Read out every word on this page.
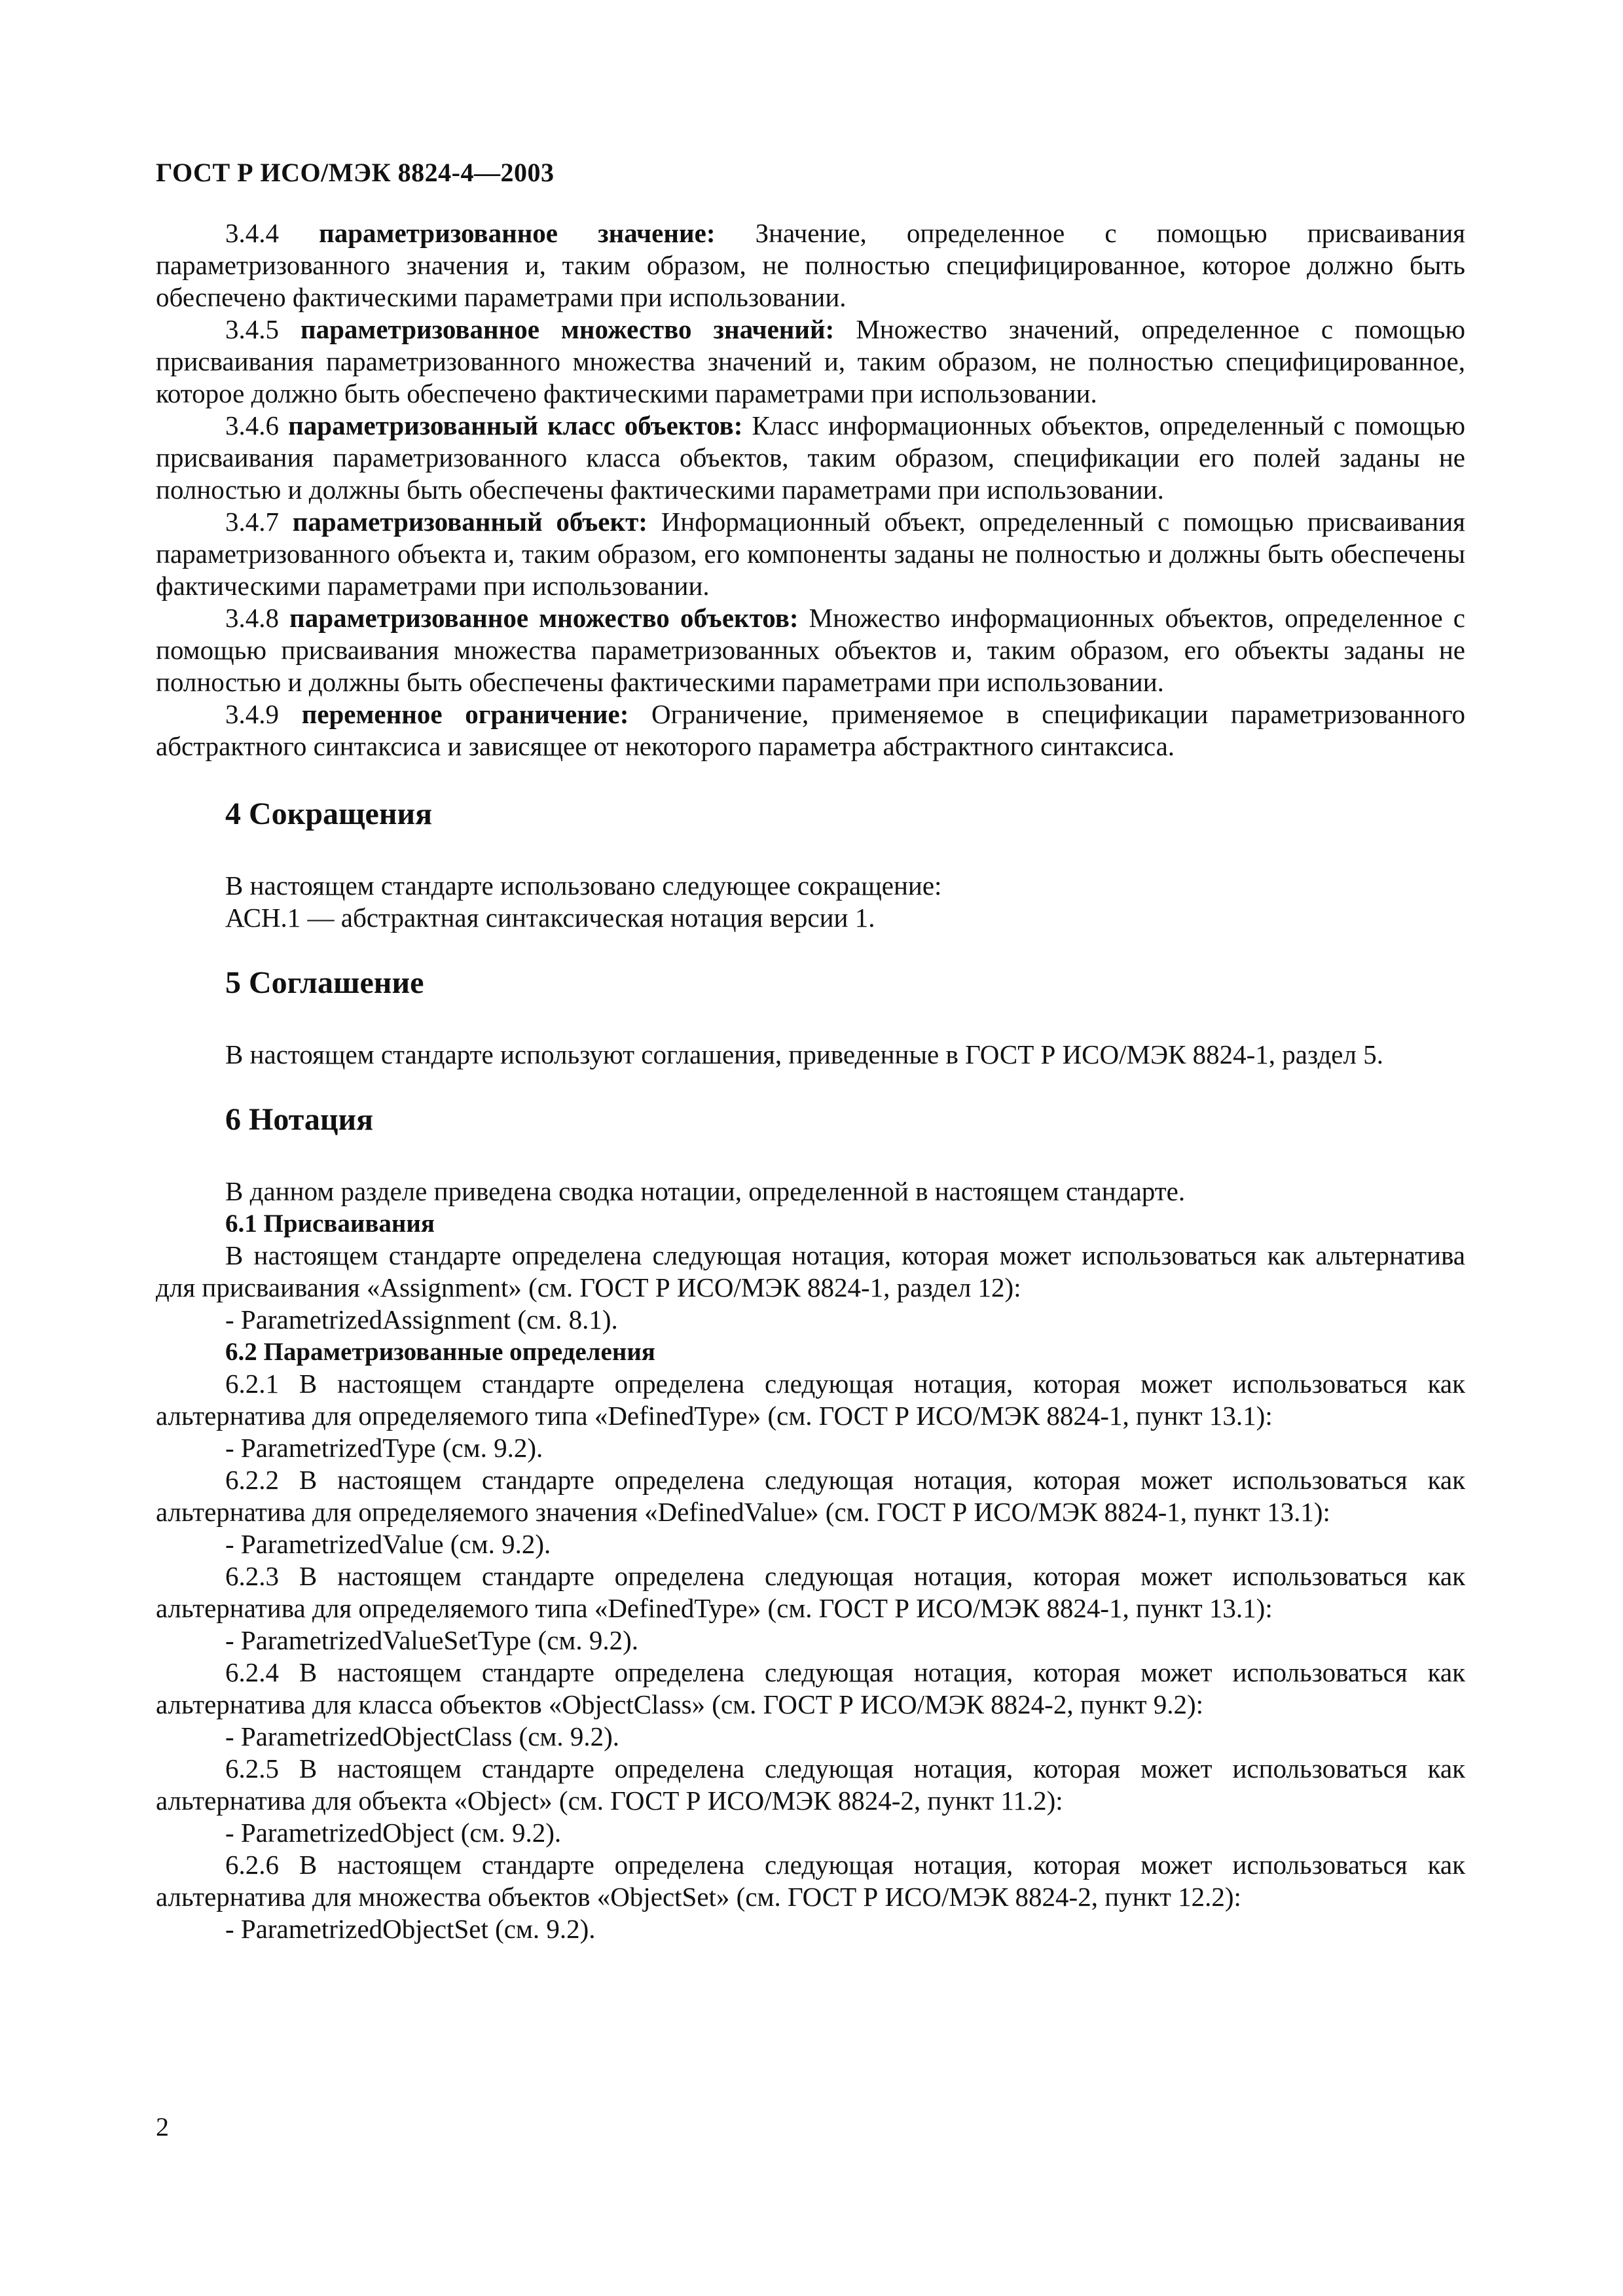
ГОСТ Р ИСО/МЭК 8824-4—2003

3.4.4 параметризованное значение: Значение, определенное с помощью присваивания параметризованного значения и, таким образом, не полностью специфицированное, которое должно быть обеспечено фактическими параметрами при использовании.

3.4.5 параметризованное множество значений: Множество значений, определенное с помощью присваивания параметризованного множества значений и, таким образом, не полностью специфицированное, которое должно быть обеспечено фактическими параметрами при использовании.

3.4.6 параметризованный класс объектов: Класс информационных объектов, определенный с помощью присваивания параметризованного класса объектов, таким образом, спецификации его полей заданы не полностью и должны быть обеспечены фактическими параметрами при использовании.

3.4.7 параметризованный объект: Информационный объект, определенный с помощью присваивания параметризованного объекта и, таким образом, его компоненты заданы не полностью и должны быть обеспечены фактическими параметрами при использовании.

3.4.8 параметризованное множество объектов: Множество информационных объектов, определенное с помощью присваивания множества параметризованных объектов и, таким образом, его объекты заданы не полностью и должны быть обеспечены фактическими параметрами при использовании.

3.4.9 переменное ограничение: Ограничение, применяемое в спецификации параметризованного абстрактного синтаксиса и зависящее от некоторого параметра абстрактного синтаксиса.

4 Сокращения

В настоящем стандарте использовано следующее сокращение:

АСН.1 — абстрактная синтаксическая нотация версии 1.

5 Соглашение

В настоящем стандарте используют соглашения, приведенные в ГОСТ Р ИСО/МЭК 8824-1, раздел 5.

6 Нотация

В данном разделе приведена сводка нотации, определенной в настоящем стандарте.

6.1 Присваивания

В настоящем стандарте определена следующая нотация, которая может использоваться как альтернатива для присваивания «Assignment» (см. ГОСТ Р ИСО/МЭК 8824-1, раздел 12):

- ParametrizedAssignment (см. 8.1).

6.2 Параметризованные определения

6.2.1 В настоящем стандарте определена следующая нотация, которая может использоваться как альтернатива для определяемого типа «DefinedType» (см. ГОСТ Р ИСО/МЭК 8824-1, пункт 13.1):

- ParametrizedType (см. 9.2).

6.2.2 В настоящем стандарте определена следующая нотация, которая может использоваться как альтернатива для определяемого значения «DefinedValue» (см. ГОСТ Р ИСО/МЭК 8824-1, пункт 13.1):

- ParametrizedValue (см. 9.2).

6.2.3 В настоящем стандарте определена следующая нотация, которая может использоваться как альтернатива для определяемого типа «DefinedType» (см. ГОСТ Р ИСО/МЭК 8824-1, пункт 13.1):

- ParametrizedValueSetType (см. 9.2).

6.2.4 В настоящем стандарте определена следующая нотация, которая может использоваться как альтернатива для класса объектов «ObjectClass» (см. ГОСТ Р ИСО/МЭК 8824-2, пункт 9.2):

- ParametrizedObjectClass (см. 9.2).

6.2.5 В настоящем стандарте определена следующая нотация, которая может использоваться как альтернатива для объекта «Object» (см. ГОСТ Р ИСО/МЭК 8824-2, пункт 11.2):

- ParametrizedObject (см. 9.2).

6.2.6 В настоящем стандарте определена следующая нотация, которая может использоваться как альтернатива для множества объектов «ObjectSet» (см. ГОСТ Р ИСО/МЭК 8824-2, пункт 12.2):

- ParametrizedObjectSet (см. 9.2).

2
